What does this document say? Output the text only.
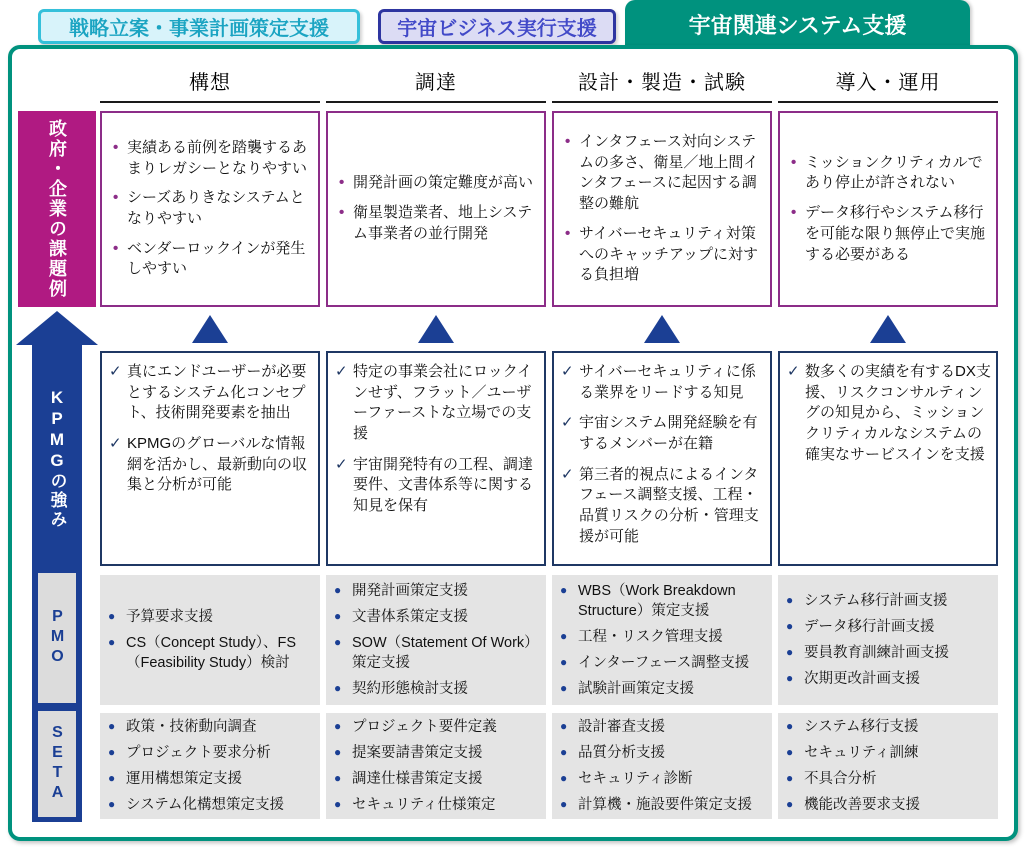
戦略立案・事業計画策定支援	宇宙ビジネス実行支援	宇宙関連システム支援
政府・企業の課題例
KPMGの強み
PMO
SETA
構想
• 実績ある前例を踏襲するあまりレガシーとなりやすい
• シーズありきなシステムとなりやすい
• ベンダーロックインが発生しやすい
✓ 真にエンドユーザーが必要とするシステム化コンセプト、技術開発要素を抽出
✓ KPMGのグローバルな情報網を活かし、最新動向の収集と分析が可能
● 予算要求支援
● CS（Concept Study）、FS（Feasibility Study）検討
● 政策・技術動向調査
● プロジェクト要求分析
● 運用構想策定支援
● システム化構想策定支援
調達
• 開発計画の策定難度が高い
• 衛星製造業者、地上システム事業者の並行開発
✓ 特定の事業会社にロックインせず、フラット／ユーザーファーストな立場での支援
✓ 宇宙開発特有の工程、調達要件、文書体系等に関する知見を保有
● 開発計画策定支援
● 文書体系策定支援
● SOW（Statement Of Work）策定支援
● 契約形態検討支援
● プロジェクト要件定義
● 提案要請書策定支援
● 調達仕様書策定支援
● セキュリティ仕様策定
設計・製造・試験
• インタフェース対向システムの多さ、衛星／地上間インタフェースに起因する調整の難航
• サイバーセキュリティ対策へのキャッチアップに対する負担増
✓ サイバーセキュリティに係る業界をリードする知見
✓ 宇宙システム開発経験を有するメンバーが在籍
✓ 第三者的視点によるインタフェース調整支援、工程・品質リスクの分析・管理支援が可能
● WBS（Work Breakdown Structure）策定支援
● 工程・リスク管理支援
● インターフェース調整支援
● 試験計画策定支援
● 設計審査支援
● 品質分析支援
● セキュリティ診断
● 計算機・施設要件策定支援
導入・運用
• ミッションクリティカルであり停止が許されない
• データ移行やシステム移行を可能な限り無停止で実施する必要がある
✓ 数多くの実績を有するDX支援、リスクコンサルティングの知見から、ミッションクリティカルなシステムの確実なサービスインを支援
● システム移行計画支援
● データ移行計画支援
● 要員教育訓練計画支援
● 次期更改計画支援
● システム移行支援
● セキュリティ訓練
● 不具合分析
● 機能改善要求支援
